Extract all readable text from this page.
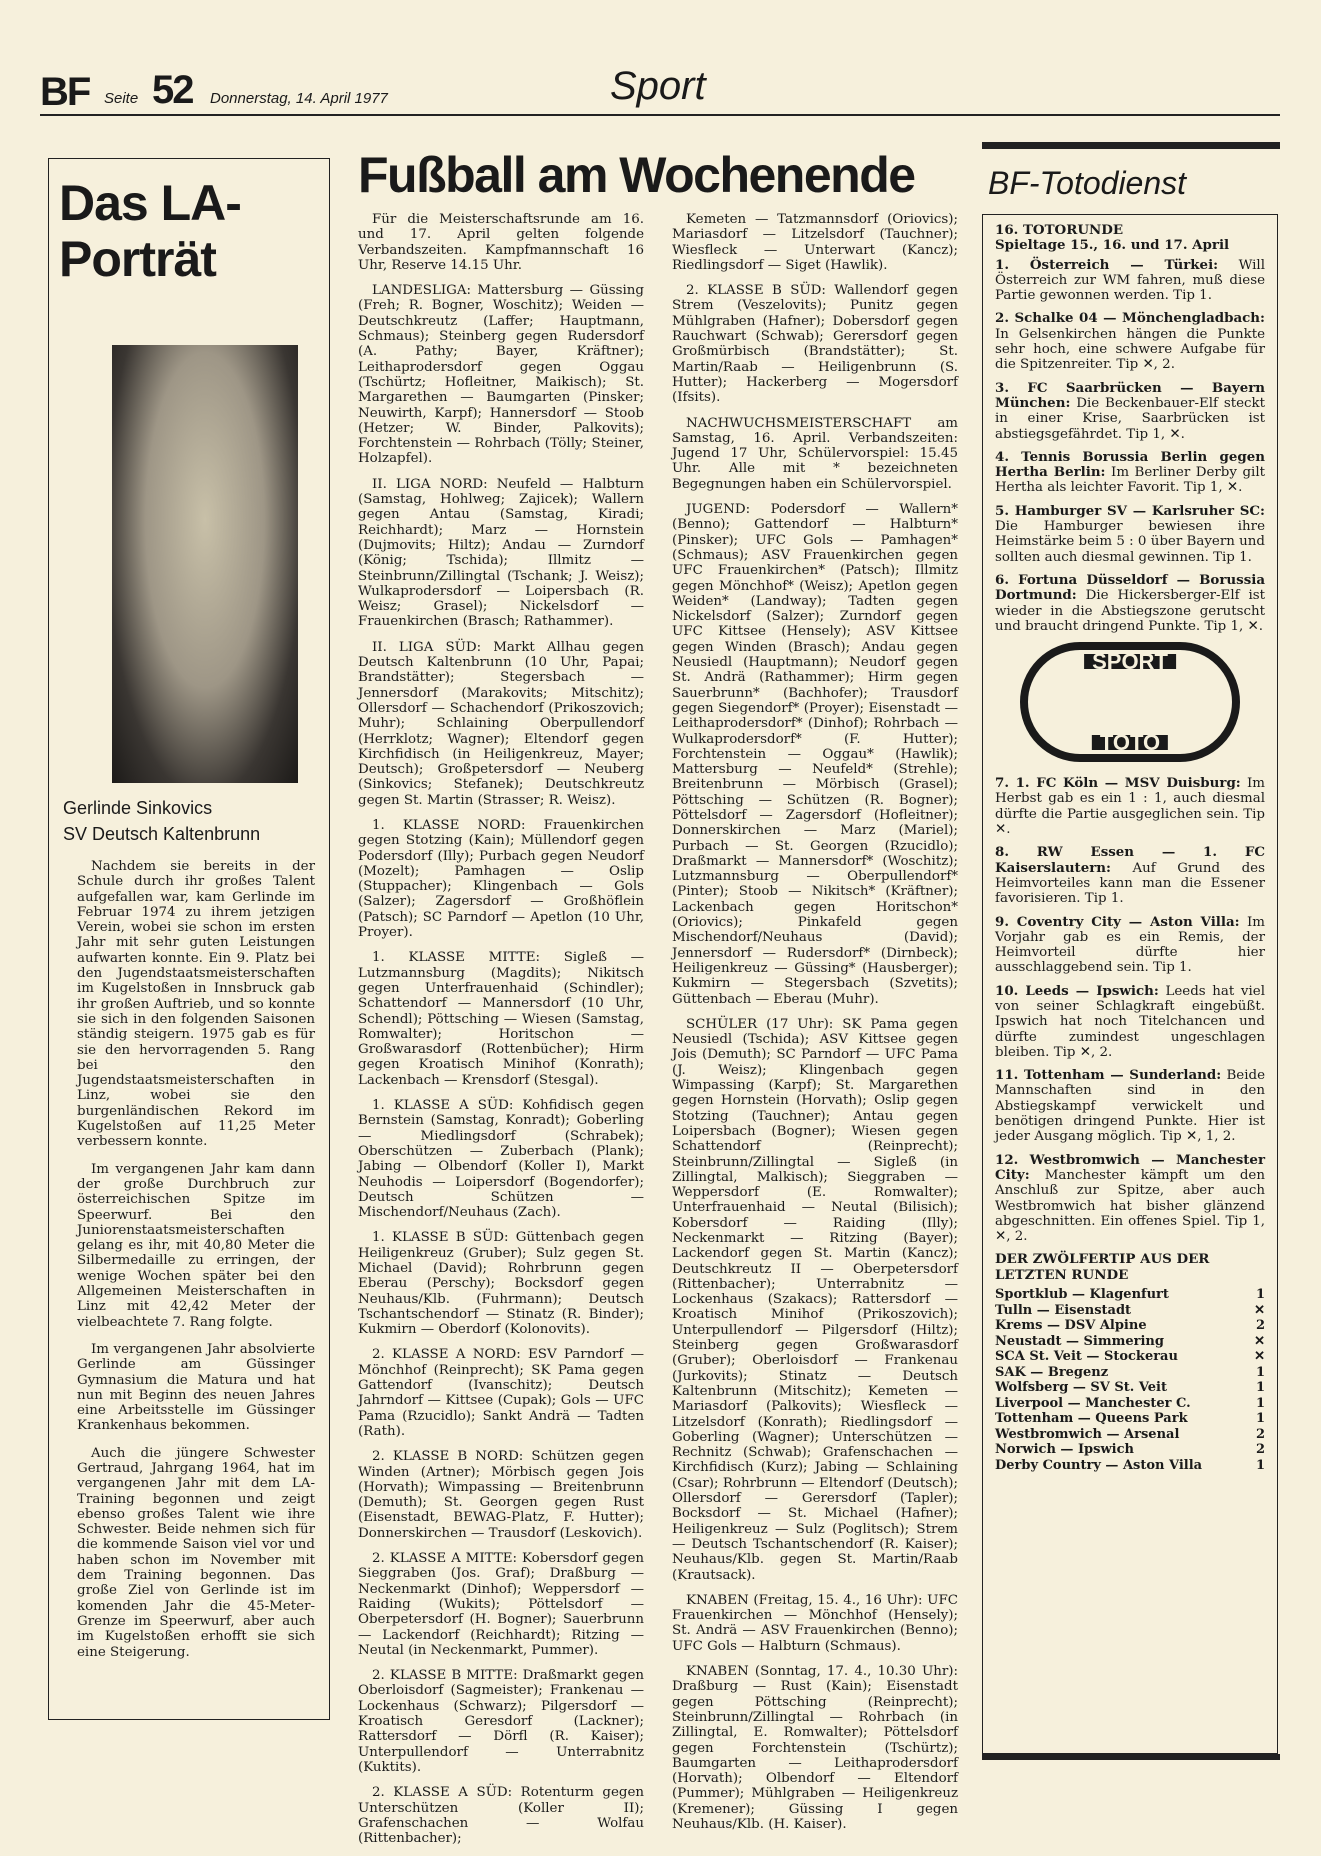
BF Seite 52 Donnerstag, 14. April 1977	Sport
Das LA-
Porträt
Gerlinde Sinkovics
SV Deutsch Kaltenbrunn

Nachdem sie bereits in der Schule durch ihr großes Talent aufgefallen war, kam Gerlinde im Februar 1974 zu ihrem jetzigen Verein, wobei sie schon im ersten Jahr mit sehr guten Leistungen aufwarten konnte. Ein 9. Platz bei den Jugendstaatsmeisterschaften im Kugelstoßen in Innsbruck gab ihr großen Auftrieb, und so konnte sie sich in den folgenden Saisonen ständig steigern. 1975 gab es für sie den hervorragenden 5. Rang bei den Jugendstaatsmeisterschaften in Linz, wobei sie den burgenländischen Rekord im Kugelstoßen auf 11,25 Meter verbessern konnte.

Im vergangenen Jahr kam dann der große Durchbruch zur österreichischen Spitze im Speerwurf. Bei den Juniorenstaatsmeisterschaften gelang es ihr, mit 40,80 Meter die Silbermedaille zu erringen, der wenige Wochen später bei den Allgemeinen Meisterschaften in Linz mit 42,42 Meter der vielbeachtete 7. Rang folgte.

Im vergangenen Jahr absolvierte Gerlinde am Güssinger Gymnasium die Matura und hat nun mit Beginn des neuen Jahres eine Arbeitsstelle im Güssinger Krankenhaus bekommen.

Auch die jüngere Schwester Gertraud, Jahrgang 1964, hat im vergangenen Jahr mit dem LA-Training begonnen und zeigt ebenso großes Talent wie ihre Schwester. Beide nehmen sich für die kommende Saison viel vor und haben schon im November mit dem Training begonnen. Das große Ziel von Gerlinde ist im komenden Jahr die 45-Meter-Grenze im Speerwurf, aber auch im Kugelstoßen erhofft sie sich eine Steigerung.

Fußball am Wochenende

Für die Meisterschaftsrunde am 16. und 17. April gelten folgende Verbandszeiten. Kampfmannschaft 16 Uhr, Reserve 14.15 Uhr.

LANDESLIGA: Mattersburg — Güssing (Freh; R. Bogner, Woschitz); Weiden — Deutschkreutz (Laffer; Hauptmann, Schmaus); Steinberg gegen Rudersdorf (A. Pathy; Bayer, Kräftner); Leithaprodersdorf gegen Oggau (Tschürtz; Hofleitner, Maikisch); St. Margarethen — Baumgarten (Pinsker; Neuwirth, Karpf); Hannersdorf — Stoob (Hetzer; W. Binder, Palkovits); Forchtenstein — Rohrbach (Tölly; Steiner, Holzapfel).

II. LIGA NORD: Neufeld — Halbturn (Samstag, Hohlweg; Zajicek); Wallern gegen Antau (Samstag, Kiradi; Reichhardt); Marz — Hornstein (Dujmovits; Hiltz); Andau — Zurndorf (König; Tschida); Illmitz — Steinbrunn/Zillingtal (Tschank; J. Weisz); Wulkaprodersdorf — Loipersbach (R. Weisz; Grasel); Nickelsdorf — Frauenkirchen (Brasch; Rathammer).

II. LIGA SÜD: Markt Allhau gegen Deutsch Kaltenbrunn (10 Uhr, Papai; Brandstätter); Stegersbach — Jennersdorf (Marakovits; Mitschitz); Ollersdorf — Schachendorf (Prikoszovich; Muhr); Schlaining Oberpullendorf (Herrklotz; Wagner); Eltendorf gegen Kirchfidisch (in Heiligenkreuz, Mayer; Deutsch); Großpetersdorf — Neuberg (Sinkovics; Stefanek); Deutschkreutz gegen St. Martin (Strasser; R. Weisz).

1. KLASSE NORD: Frauenkirchen gegen Stotzing (Kain); Müllendorf gegen Podersdorf (Illy); Purbach gegen Neudorf (Mozelt); Pamhagen — Oslip (Stuppacher); Klingenbach — Gols (Salzer); Zagersdorf — Großhöflein (Patsch); SC Parndorf — Apetlon (10 Uhr, Proyer).

1. KLASSE MITTE: Sigleß — Lutzmannsburg (Magdits); Nikitsch gegen Unterfrauenhaid (Schindler); Schattendorf — Mannersdorf (10 Uhr, Schendl); Pöttsching — Wiesen (Samstag, Romwalter); Horitschon — Großwarasdorf (Rottenbücher); Hirm gegen Kroatisch Minihof (Konrath); Lackenbach — Krensdorf (Stesgal).

1. KLASSE A SÜD: Kohfidisch gegen Bernstein (Samstag, Konradt); Goberling — Miedlingsdorf (Schrabek); Oberschützen — Zuberbach (Plank); Jabing — Olbendorf (Koller I), Markt Neuhodis — Loipersdorf (Bogendorfer); Deutsch Schützen — Mischendorf/Neuhaus (Zach).

1. KLASSE B SÜD: Güttenbach gegen Heiligenkreuz (Gruber); Sulz gegen St. Michael (David); Rohrbrunn gegen Eberau (Perschy); Bocksdorf gegen Neuhaus/Klb. (Fuhrmann); Deutsch Tschantschendorf — Stinatz (R. Binder); Kukmirn — Oberdorf (Kolonovits).

2. KLASSE A NORD: ESV Parndorf — Mönchhof (Reinprecht); SK Pama gegen Gattendorf (Ivanschitz); Deutsch Jahrndorf — Kittsee (Cupak); Gols — UFC Pama (Rzucidlo); Sankt Andrä — Tadten (Rath).

2. KLASSE B NORD: Schützen gegen Winden (Artner); Mörbisch gegen Jois (Horvath); Wimpassing — Breitenbrunn (Demuth); St. Georgen gegen Rust (Eisenstadt, BEWAG-Platz, F. Hutter); Donnerskirchen — Trausdorf (Leskovich).

2. KLASSE A MITTE: Kobersdorf gegen Sieggraben (Jos. Graf); Draßburg — Neckenmarkt (Dinhof); Weppersdorf — Raiding (Wukits); Pöttelsdorf — Oberpetersdorf (H. Bogner); Sauerbrunn — Lackendorf (Reichhardt); Ritzing — Neutal (in Neckenmarkt, Pummer).

2. KLASSE B MITTE: Draßmarkt gegen Oberloisdorf (Sagmeister); Frankenau — Lockenhaus (Schwarz); Pilgersdorf — Kroatisch Geresdorf (Lackner); Rattersdorf — Dörfl (R. Kaiser); Unterpullendorf — Unterrabnitz (Kuktits).

2. KLASSE A SÜD: Rotenturm gegen Unterschützen (Koller II); Grafenschachen — Wolfau (Rittenbacher);

Kemeten — Tatzmannsdorf (Oriovics); Mariasdorf — Litzelsdorf (Tauchner); Wiesfleck — Unterwart (Kancz); Riedlingsdorf — Siget (Hawlik).

2. KLASSE B SÜD: Wallendorf gegen Strem (Veszelovits); Punitz gegen Mühlgraben (Hafner); Dobersdorf gegen Rauchwart (Schwab); Gerersdorf gegen Großmürbisch (Brandstätter); St. Martin/Raab — Heiligenbrunn (S. Hutter); Hackerberg — Mogersdorf (Ifsits).

NACHWUCHSMEISTERSCHAFT am Samstag, 16. April. Verbandszeiten: Jugend 17 Uhr, Schülervorspiel: 15.45 Uhr. Alle mit * bezeichneten Begegnungen haben ein Schülervorspiel.

JUGEND: Podersdorf — Wallern* (Benno); Gattendorf — Halbturn* (Pinsker); UFC Gols — Pamhagen* (Schmaus); ASV Frauenkirchen gegen UFC Frauenkirchen* (Patsch); Illmitz gegen Mönchhof* (Weisz); Apetlon gegen Weiden* (Landway); Tadten gegen Nickelsdorf (Salzer); Zurndorf gegen UFC Kittsee (Hensely); ASV Kittsee gegen Winden (Brasch); Andau gegen Neusiedl (Hauptmann); Neudorf gegen St. Andrä (Rathammer); Hirm gegen Sauerbrunn* (Bachhofer); Trausdorf gegen Siegendorf* (Proyer); Eisenstadt — Leithaprodersdorf* (Dinhof); Rohrbach — Wulkaprodersdorf* (F. Hutter); Forchtenstein — Oggau* (Hawlik); Mattersburg — Neufeld* (Strehle); Breitenbrunn — Mörbisch (Grasel); Pöttsching — Schützen (R. Bogner); Pöttelsdorf — Zagersdorf (Hofleitner); Donnerskirchen — Marz (Mariel); Purbach — St. Georgen (Rzucidlo); Draßmarkt — Mannersdorf* (Woschitz); Lutzmannsburg — Oberpullendorf* (Pinter); Stoob — Nikitsch* (Kräftner); Lackenbach gegen Horitschon* (Oriovics); Pinkafeld gegen Mischendorf/Neuhaus (David); Jennersdorf — Rudersdorf* (Dirnbeck); Heiligenkreuz — Güssing* (Hausberger); Kukmirn — Stegersbach (Szvetits); Güttenbach — Eberau (Muhr).

SCHÜLER (17 Uhr): SK Pama gegen Neusiedl (Tschida); ASV Kittsee gegen Jois (Demuth); SC Parndorf — UFC Pama (J. Weisz); Klingenbach gegen Wimpassing (Karpf); St. Margarethen gegen Hornstein (Horvath); Oslip gegen Stotzing (Tauchner); Antau gegen Loipersbach (Bogner); Wiesen gegen Schattendorf (Reinprecht); Steinbrunn/Zillingtal — Sigleß (in Zillingtal, Malkisch); Sieggraben — Weppersdorf (E. Romwalter); Unterfrauenhaid — Neutal (Bilisich); Kobersdorf — Raiding (Illy); Neckenmarkt — Ritzing (Bayer); Lackendorf gegen St. Martin (Kancz); Deutschkreutz II — Oberpetersdorf (Rittenbacher); Unterrabnitz — Lockenhaus (Szakacs); Rattersdorf — Kroatisch Minihof (Prikoszovich); Unterpullendorf — Pilgersdorf (Hiltz); Steinberg gegen Großwarasdorf (Gruber); Oberloisdorf — Frankenau (Jurkovits); Stinatz — Deutsch Kaltenbrunn (Mitschitz); Kemeten — Mariasdorf (Palkovits); Wiesfleck — Litzelsdorf (Konrath); Riedlingsdorf — Goberling (Wagner); Unterschützen — Rechnitz (Schwab); Grafenschachen — Kirchfidisch (Kurz); Jabing — Schlaining (Csar); Rohrbrunn — Eltendorf (Deutsch); Ollersdorf — Gerersdorf (Tapler); Bocksdorf — St. Michael (Hafner); Heiligenkreuz — Sulz (Poglitsch); Strem — Deutsch Tschantschendorf (R. Kaiser); Neuhaus/Klb. gegen St. Martin/Raab (Krautsack).

KNABEN (Freitag, 15. 4., 16 Uhr): UFC Frauenkirchen — Mönchhof (Hensely); St. Andrä — ASV Frauenkirchen (Benno); UFC Gols — Halbturn (Schmaus).

KNABEN (Sonntag, 17. 4., 10.30 Uhr): Draßburg — Rust (Kain); Eisenstadt gegen Pöttsching (Reinprecht); Steinbrunn/Zillingtal — Rohrbach (in Zillingtal, E. Romwalter); Pöttelsdorf gegen Forchtenstein (Tschürtz); Baumgarten — Leithaprodersdorf (Horvath); Olbendorf — Eltendorf (Pummer); Mühlgraben — Heiligenkreuz (Kremener); Güssing I gegen Neuhaus/Klb. (H. Kaiser).

BF-Totodienst
16. TOTORUNDE
Spieltage 15., 16. und 17. April

1. Österreich — Türkei: Will Österreich zur WM fahren, muß diese Partie gewonnen werden. Tip 1.

2. Schalke 04 — Mönchengladbach: In Gelsenkirchen hängen die Punkte sehr hoch, eine schwere Aufgabe für die Spitzenreiter. Tip ✕, 2.

3. FC Saarbrücken — Bayern München: Die Beckenbauer-Elf steckt in einer Krise, Saarbrücken ist abstiegsgefährdet. Tip 1, ✕.

4. Tennis Borussia Berlin gegen Hertha Berlin: Im Berliner Derby gilt Hertha als leichter Favorit. Tip 1, ✕.

5. Hamburger SV — Karlsruher SC: Die Hamburger bewiesen ihre Heimstärke beim 5 : 0 über Bayern und sollten auch diesmal gewinnen. Tip 1.

6. Fortuna Düsseldorf — Borussia Dortmund: Die Hickersberger-Elf ist wieder in die Abstiegszone gerutscht und braucht dringend Punkte. Tip 1, ✕.

SPORT
TOTO

7. 1. FC Köln — MSV Duisburg: Im Herbst gab es ein 1 : 1, auch diesmal dürfte die Partie ausgeglichen sein. Tip ✕.

8. RW Essen — 1. FC Kaiserslautern: Auf Grund des Heimvorteiles kann man die Essener favorisieren. Tip 1.

9. Coventry City — Aston Villa: Im Vorjahr gab es ein Remis, der Heimvorteil dürfte hier ausschlaggebend sein. Tip 1.

10. Leeds — Ipswich: Leeds hat viel von seiner Schlagkraft eingebüßt. Ipswich hat noch Titelchancen und dürfte zumindest ungeschlagen bleiben. Tip ✕, 2.

11. Tottenham — Sunderland: Beide Mannschaften sind in den Abstiegskampf verwickelt und benötigen dringend Punkte. Hier ist jeder Ausgang möglich. Tip ✕, 1, 2.

12. Westbromwich — Manchester City: Manchester kämpft um den Anschluß zur Spitze, aber auch Westbromwich hat bisher glänzend abgeschnitten. Ein offenes Spiel. Tip 1, ✕, 2.

DER ZWÖLFERTIP AUS DER LETZTEN RUNDE
Sportklub — Klagenfurt	1
Tulln — Eisenstadt	✕
Krems — DSV Alpine	2
Neustadt — Simmering	✕
SCA St. Veit — Stockerau	✕
SAK — Bregenz	1
Wolfsberg — SV St. Veit	1
Liverpool — Manchester C.	1
Tottenham — Queens Park	1
Westbromwich — Arsenal	2
Norwich — Ipswich	2
Derby Country — Aston Villa	1
